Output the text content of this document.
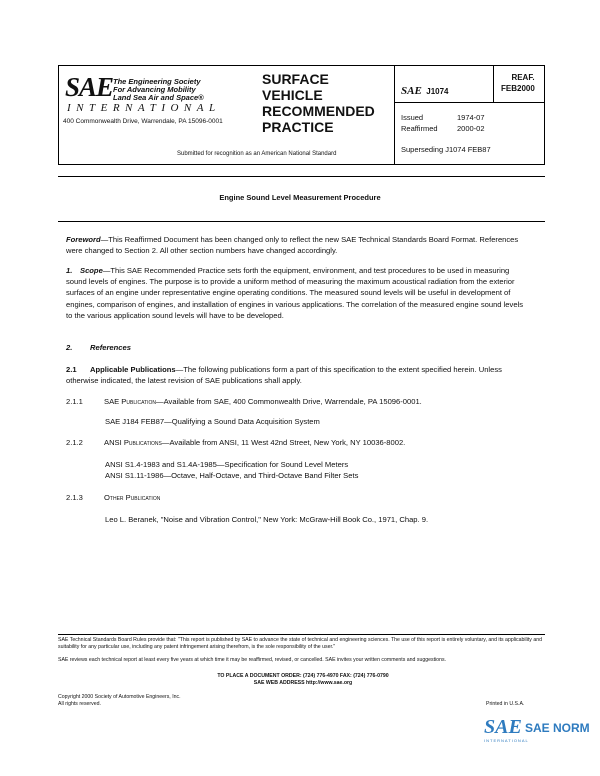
SAE The Engineering Society
For Advancing Mobility
Land Sea Air and Space®
INTERNATIONAL
400 Commonwealth Drive, Warrendale, PA 15096-0001
SURFACE
VEHICLE
RECOMMENDED
PRACTICE
Submitted for recognition as an American National Standard
SAE J1074
REAF.
FEB2000
Issued	1974-07
Reaffirmed	2000-02
Superseding J1074 FEB87
Engine Sound Level Measurement Procedure
Foreword—This Reaffirmed Document has been changed only to reflect the new SAE Technical Standards Board Format. References were changed to Section 2. All other section numbers have changed accordingly.
1. Scope—This SAE Recommended Practice sets forth the equipment, environment, and test procedures to be used in measuring sound levels of engines. The purpose is to provide a uniform method of measuring the maximum acoustical radiation from the exterior surfaces of an engine under representative engine operating conditions. The measured sound levels will be useful in development of engines, comparison of engines, and installation of engines in various applications. The correlation of the measured engine sound levels to the various application sound levels will have to be developed.
2. References
2.1 Applicable Publications—The following publications form a part of this specification to the extent specified herein. Unless otherwise indicated, the latest revision of SAE publications shall apply.
2.1.1	SAE Publication—Available from SAE, 400 Commonwealth Drive, Warrendale, PA 15096-0001.
SAE J184 FEB87—Qualifying a Sound Data Acquisition System
2.1.2	ANSI Publications—Available from ANSI, 11 West 42nd Street, New York, NY 10036-8002.
ANSI S1.4-1983 and S1.4A-1985—Specification for Sound Level Meters
ANSI S1.11-1986—Octave, Half-Octave, and Third-Octave Band Filter Sets
2.1.3	Other Publication
Leo L. Beranek, "Noise and Vibration Control," New York: McGraw-Hill Book Co., 1971, Chap. 9.
SAE Technical Standards Board Rules provide that: "This report is published by SAE to advance the state of technical and engineering sciences. The use of this report is entirely voluntary, and its applicability and suitability for any particular use, including any patent infringement arising therefrom, is the sole responsibility of the user."
SAE reviews each technical report at least every five years at which time it may be reaffirmed, revised, or cancelled. SAE invites your written comments and suggestions.
TO PLACE A DOCUMENT ORDER: (724) 776-4970 FAX: (724) 776-0790
SAE WEB ADDRESS http://www.sae.org
Copyright 2000 Society of Automotive Engineers, Inc.
All rights reserved.	Printed in U.S.A.
SAE SAE NORM
INTERNATIONAL
